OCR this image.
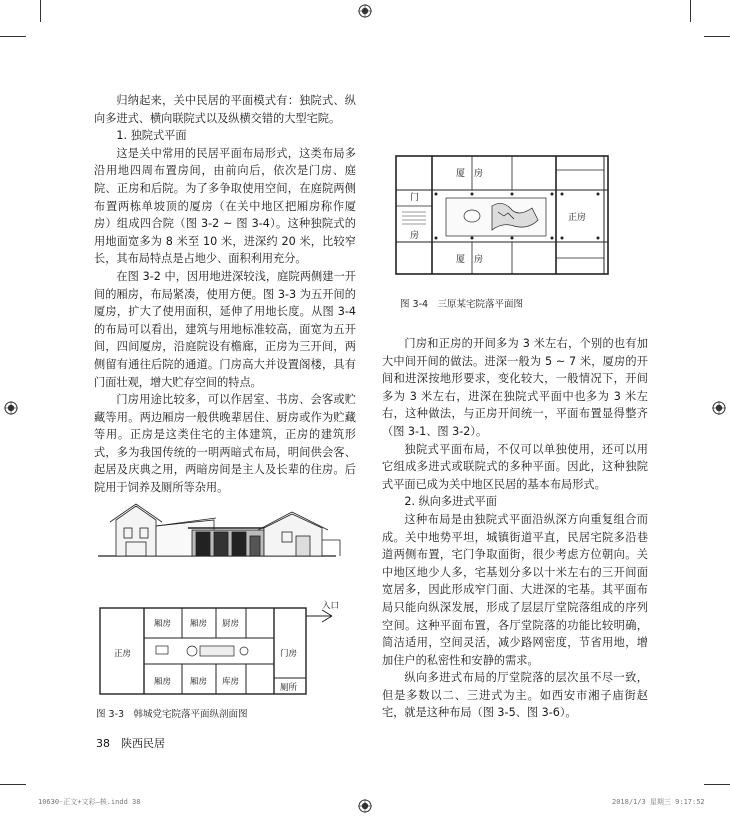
归纳起来，关中民居的平面模式有：独院式、纵向多进式、横向联院式以及纵横交错的大型宅院。

1. 独院式平面

这是关中常用的民居平面布局形式，这类布局多沿用地四周布置房间，由前向后，依次是门房、庭院、正房和后院。为了多争取使用空间，在庭院两侧布置两栋单坡顶的厦房（在关中地区把厢房称作厦房）组成四合院（图 3-2 ~ 图 3-4）。这种独院式的用地面宽多为 8 米至 10 米，进深约 20 米，比较窄长，其布局特点是占地少、面积利用充分。

在图 3-2 中，因用地进深较浅，庭院两侧建一开间的厢房，布局紧凑，使用方便。图 3-3 为五开间的厦房，扩大了使用面积，延伸了用地长度。从图 3-4 的布局可以看出，建筑与用地标准较高，面宽为五开间，四间厦房，沿庭院设有檐廊，正房为三开间，两侧留有通往后院的通道。门房高大并设置阁楼，具有门面壮观，增大贮存空间的特点。

门房用途比较多，可以作居室、书房、会客或贮藏等用。两边厢房一般供晚辈居住、厨房或作为贮藏等用。正房是这类住宅的主体建筑，正房的建筑形式，多为我国传统的一明两暗式布局，明间供会客、起居及庆典之用，两暗房间是主人及长辈的住房。后院用于饲养及厕所等杂用。

正房
厢房 厢房 厨房
厢房 厢房 库房
门房
厕所
入口
图 3-3　韩城党宅院落平面纵剖面图
厦　房
厦　房
门
房
正房
图 3-4　三原某宅院落平面图

门房和正房的开间多为 3 米左右，个别的也有加大中间开间的做法。进深一般为 5 ~ 7 米，厦房的开间和进深按地形要求，变化较大，一般情况下，开间多为 3 米左右，进深在独院式平面中也多为 3 米左右，这种做法，与正房开间统一，平面布置显得整齐（图 3-1、图 3-2）。

独院式平面布局，不仅可以单独使用，还可以用它组成多进式或联院式的多种平面。因此，这种独院式平面已成为关中地区民居的基本布局形式。

2. 纵向多进式平面

这种布局是由独院式平面沿纵深方向重复组合而成。关中地势平坦，城镇街道平直，民居宅院多沿巷道两侧布置，宅门争取面街，很少考虑方位朝向。关中地区地少人多，宅基划分多以十米左右的三开间面宽居多，因此形成窄门面、大进深的宅基。其平面布局只能向纵深发展，形成了层层厅堂院落组成的序列空间。这种平面布置，各厅堂院落的功能比较明确，简洁适用，空间灵活，减少路网密度，节省用地，增加住户的私密性和安静的需求。

纵向多进式布局的厅堂院落的层次虽不尽一致，但是多数以二、三进式为主。如西安市湘子庙街赵宅，就是这种布局（图 3-5、图 3-6）。

38　陕西民居
10630-正文+文彩—核.indd 38	2018/1/3 星期三 9:17:52
